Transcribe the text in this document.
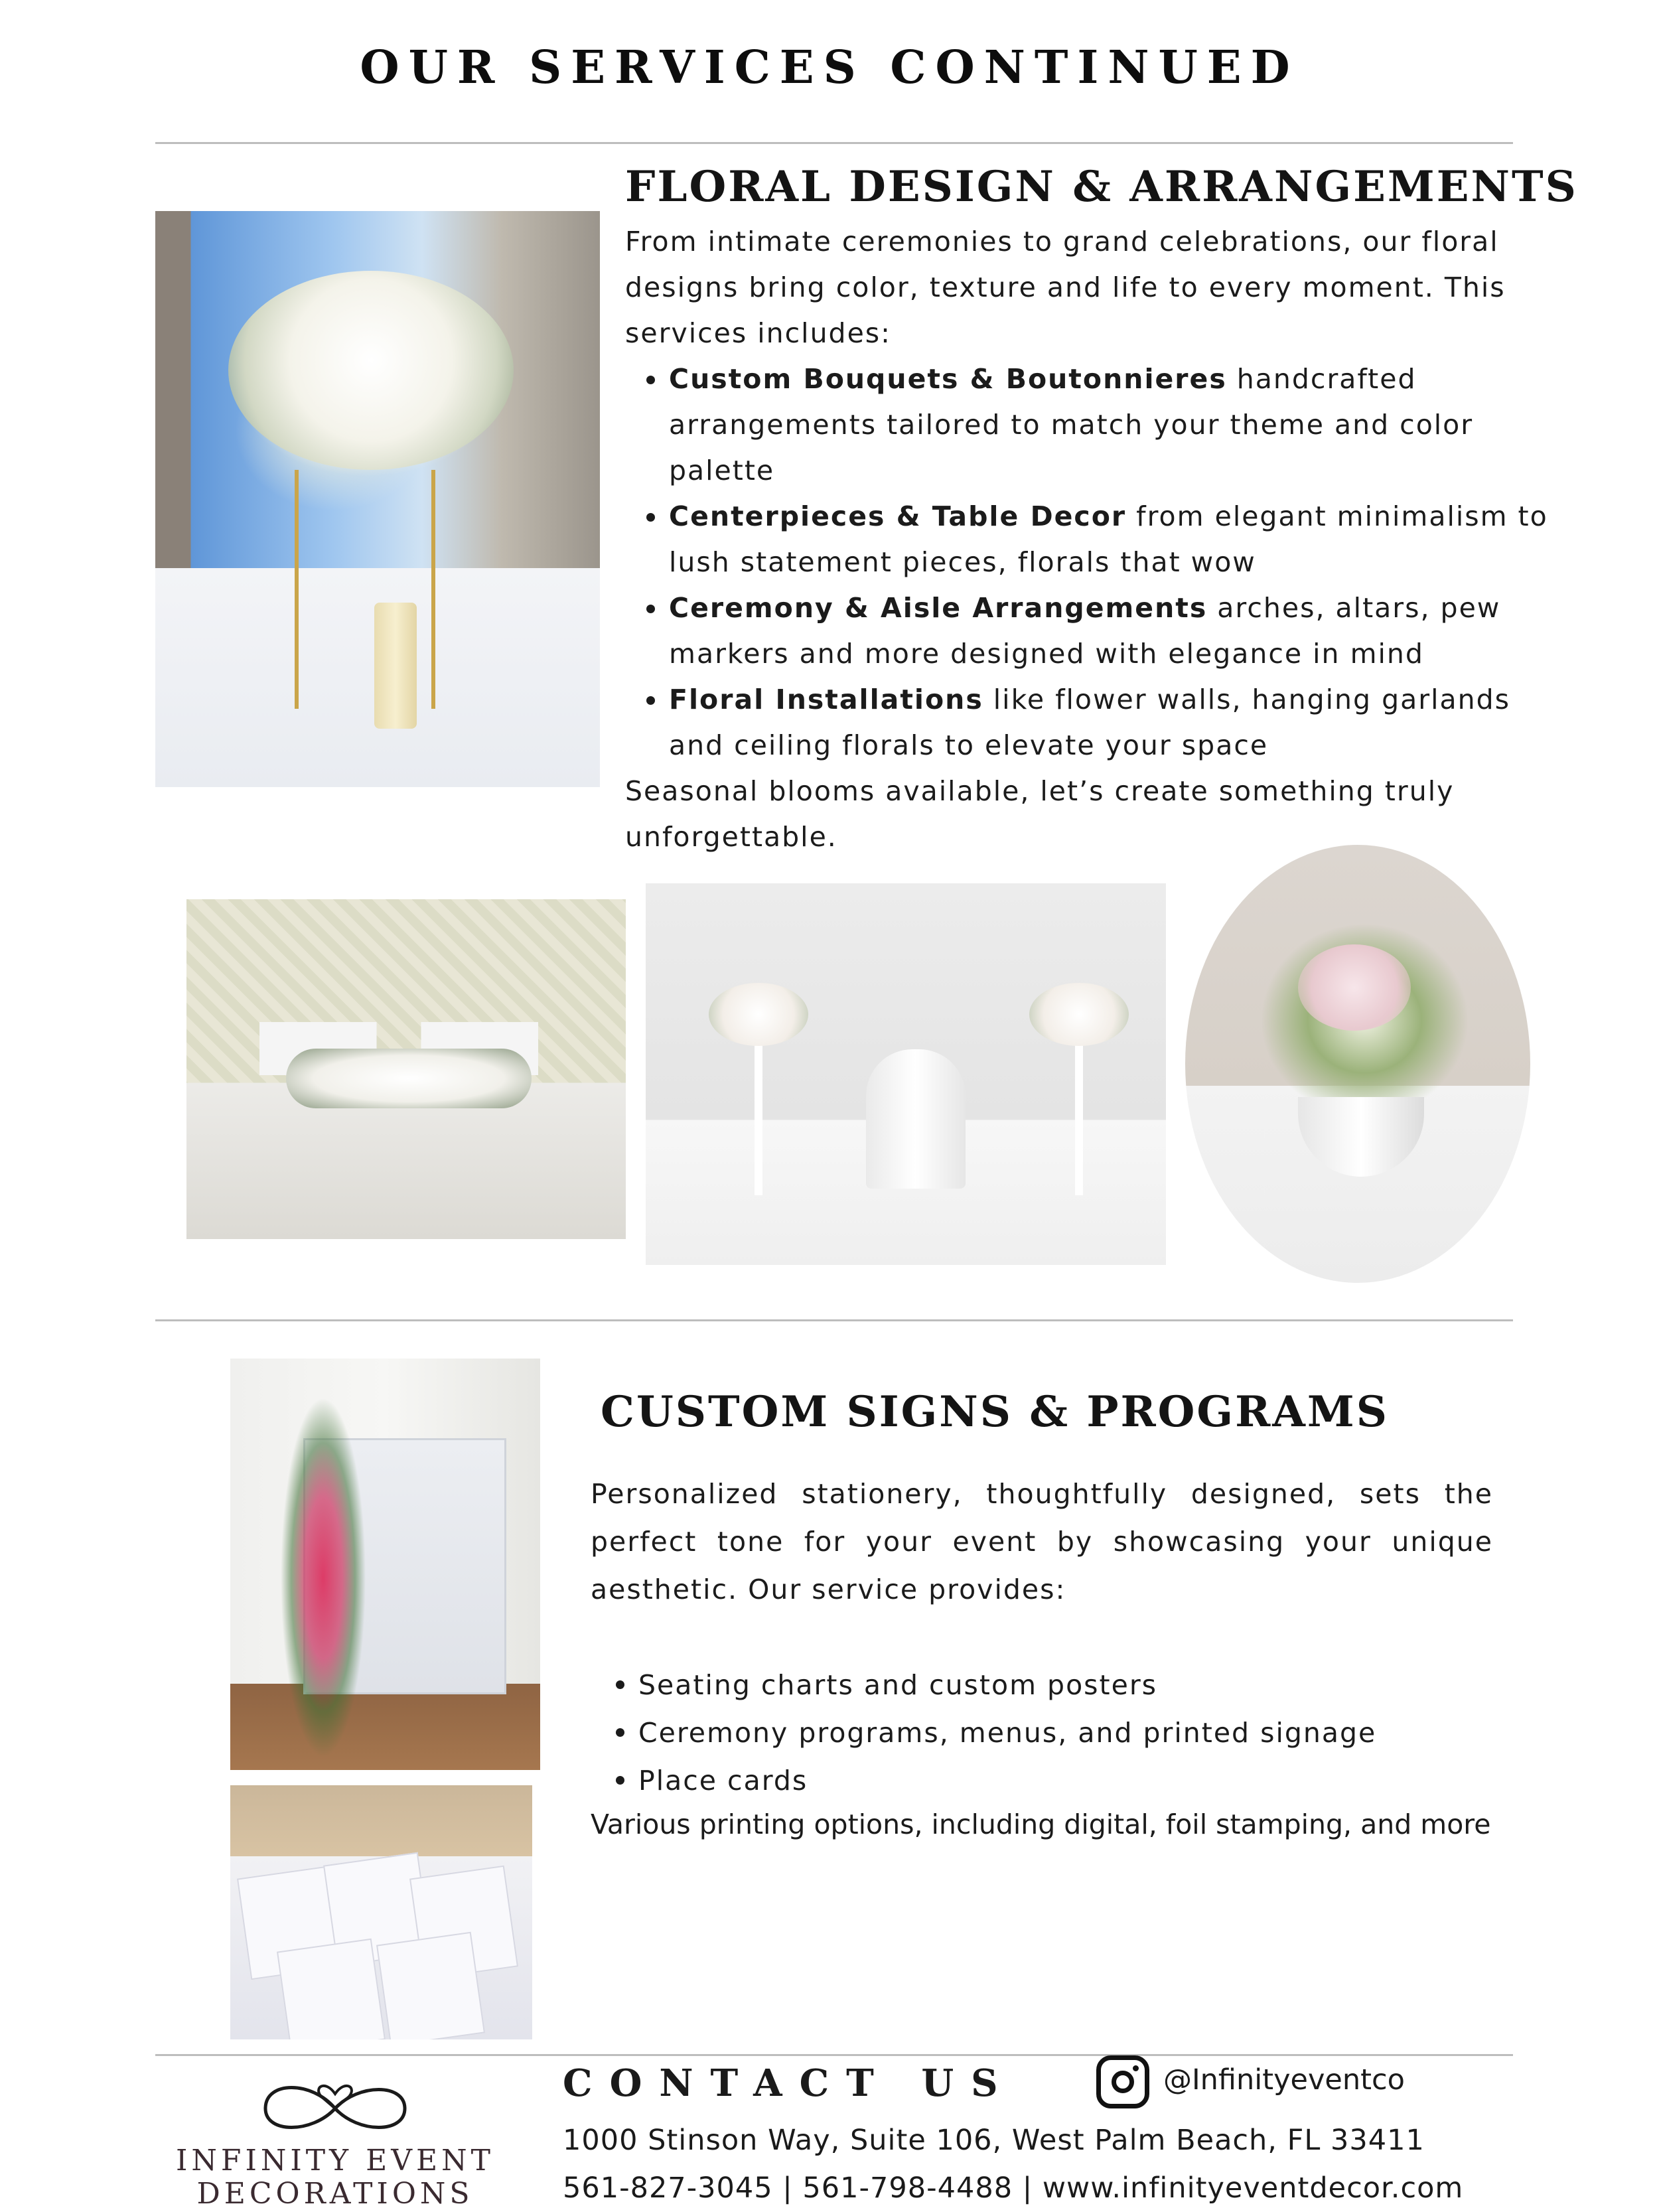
OUR SERVICES CONTINUED
FLORAL DESIGN & ARRANGEMENTS

From intimate ceremonies to grand celebrations, our floral designs bring color, texture and life to every moment. This services includes:

Custom Bouquets & Boutonnieres handcrafted arrangements tailored to match your theme and color palette
Centerpieces & Table Decor from elegant minimalism to lush statement pieces, florals that wow
Ceremony & Aisle Arrangements arches, altars, pew markers and more designed with elegance in mind
Floral Installations like flower walls, hanging garlands and ceiling florals to elevate your space

Seasonal blooms available, let’s create something truly unforgettable.

CUSTOM SIGNS & PROGRAMS

Personalized stationery, thoughtfully designed, sets the perfect tone for your event by showcasing your unique aesthetic. Our service provides:

Seating charts and custom posters
Ceremony programs, menus, and printed signage
Place cards

Various printing options, including digital, foil stamping, and more

INFINITY EVENT
DECORATIONS
CONTACT US	@Infinityeventco
1000 Stinson Way, Suite 106, West Palm Beach, FL 33411
561-827-3045 | 561-798-4488 | www.infinityeventdecor.com
